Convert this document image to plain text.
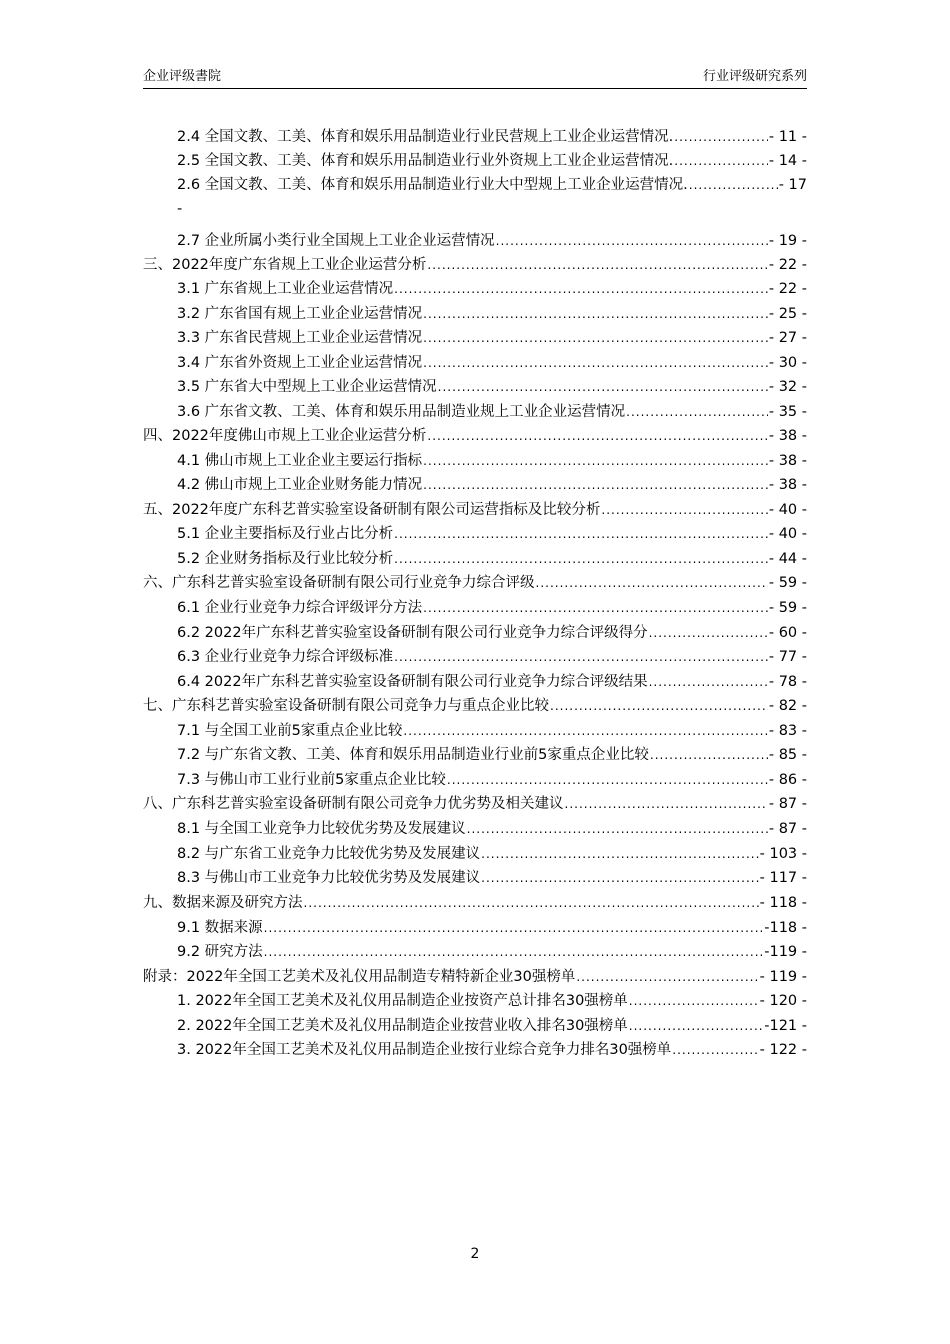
企业评级書院	行业评级研究系列
2.4 全国文教、工美、体育和娱乐用品制造业行业民营规上工业企业运营情况. .....	- 11 -
2.5 全国文教、工美、体育和娱乐用品制造业行业外资规上工业企业运营情况. .....	- 14 -
2.6 全国文教、工美、体育和娱乐用品制造业行业大中型规上工业企业运营情况. .....	- 17
2.7 企业所属小类行业全国规上工业企业运营情况 .....	- 19 -
三、2022年度广东省规上工业企业运营分析 .....	- 22 -
3.1 广东省规上工业企业运营情况 .....	- 22 -
3.2 广东省国有规上工业企业运营情况 .....	- 25 -
3.3 广东省民营规上工业企业运营情况 .....	- 27 -
3.4 广东省外资规上工业企业运营情况 .....	- 30 -
3.5 广东省大中型规上工业企业运营情况 .....	- 32 -
3.6 广东省文教、工美、体育和娱乐用品制造业规上工业企业运营情况 .....	- 35 -
四、2022年度佛山市规上工业企业运营分析 .....	- 38 -
4.1 佛山市规上工业企业主要运行指标 .....	- 38 -
4.2 佛山市规上工业企业财务能力情况 .....	- 38 -
五、2022年度广东科艺普实验室设备研制有限公司运营指标及比较分析 .....	- 40 -
5.1 企业主要指标及行业占比分析 .....	- 40 -
5.2 企业财务指标及行业比较分析 .....	- 44 -
六、广东科艺普实验室设备研制有限公司行业竞争力综合评级 .....	- 59 -
6.1 企业行业竞争力综合评级评分方法 .....	- 59 -
6.2 2022年广东科艺普实验室设备研制有限公司行业竞争力综合评级得分 .....	- 60 -
6.3 企业行业竞争力综合评级标准 .....	- 77 -
6.4 2022年广东科艺普实验室设备研制有限公司行业竞争力综合评级结果 .....	- 78 -
七、广东科艺普实验室设备研制有限公司竞争力与重点企业比较 .....	- 82 -
7.1 与全国工业前5家重点企业比较 .....	- 83 -
7.2 与广东省文教、工美、体育和娱乐用品制造业行业前5家重点企业比较 .....	- 85 -
7.3 与佛山市工业行业前5家重点企业比较 .....	- 86 -
八、广东科艺普实验室设备研制有限公司竞争力优劣势及相关建议 .....	- 87 -
8.1 与全国工业竞争力比较优劣势及发展建议 .....	- 87 -
8.2 与广东省工业竞争力比较优劣势及发展建议 .....	- 103 -
8.3 与佛山市工业竞争力比较优劣势及发展建议 .....	- 117 -
九、数据来源及研究方法 .....	- 118 -
9.1 数据来源 .....	-118 -
9.2 研究方法 .....	-119 -
附录：2022年全国工艺美术及礼仪用品制造专精特新企业30强榜单 .....	- 119 -
1. 2022年全国工艺美术及礼仪用品制造企业按资产总计排名30强榜单 .....	- 120 -
2. 2022年全国工艺美术及礼仪用品制造企业按营业收入排名30强榜单 .....	-121 -
3. 2022年全国工艺美术及礼仪用品制造企业按行业综合竞争力排名30强榜单 .....	- 122 -
-
2
